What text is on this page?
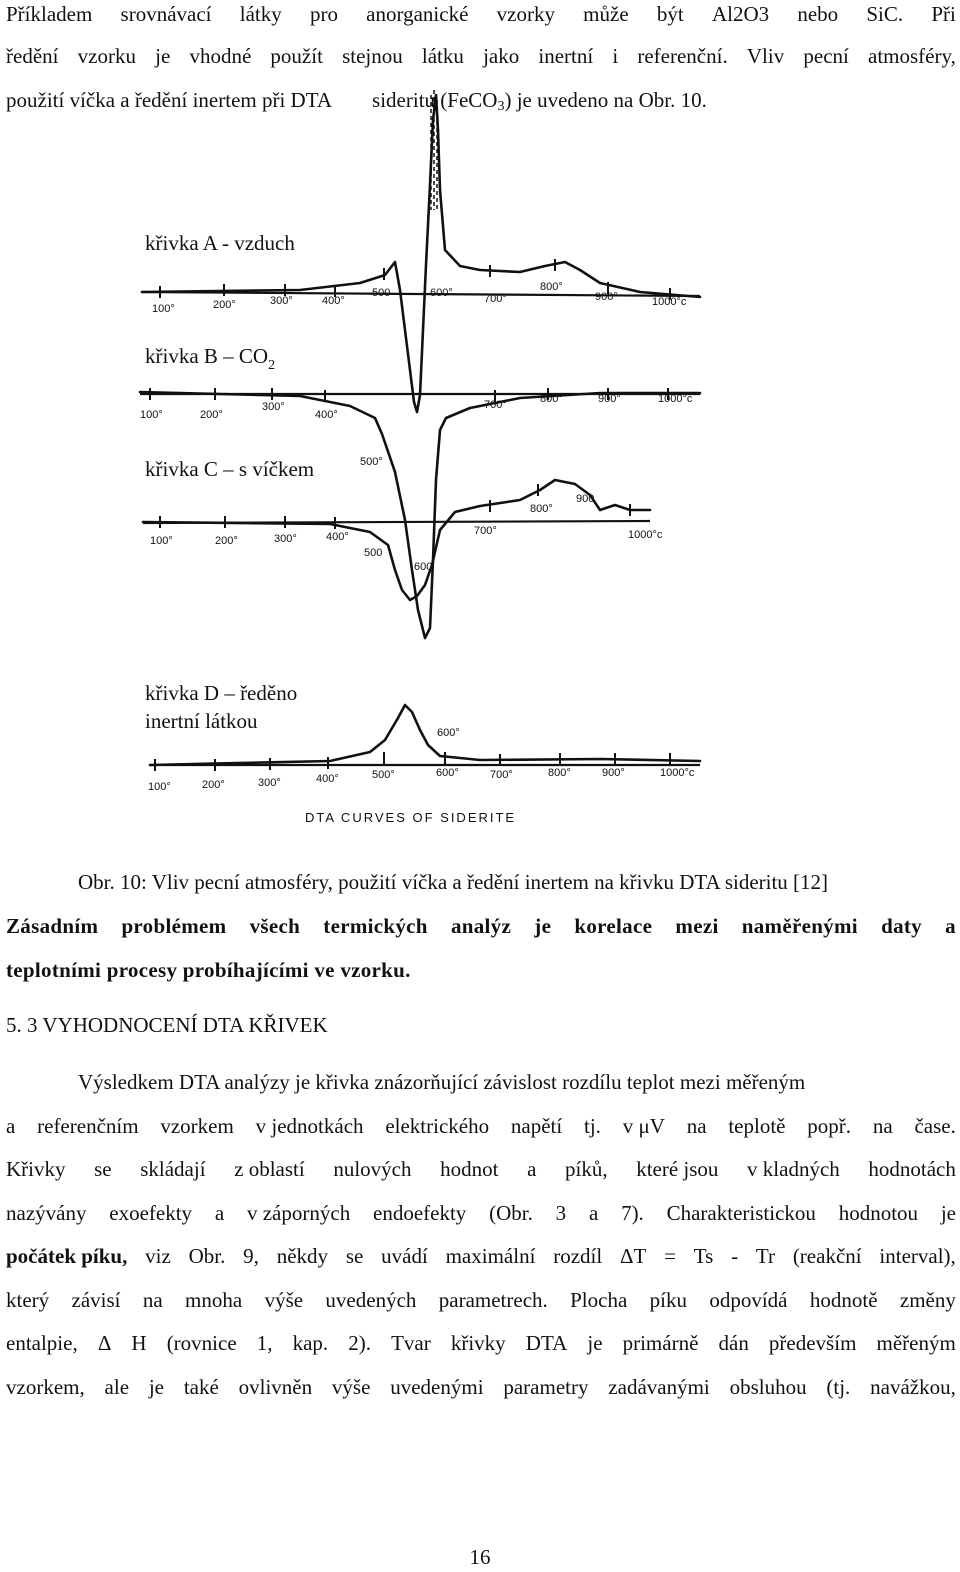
Příkladem srovnávací látky pro anorganické vzorky může být Al2O3 nebo SiC. Při
ředění vzorku je vhodné použít stejnou látku jako inertní i referenční. Vliv pecní atmosféry,
použití víčka a ředění inertem při DTA sideritu (FeCO$_3$) je uvedeno na Obr. 10.
křivka A - vzduch
křivka B – $CO_2$
křivka C – s víčkem
křivka D – ředěno
inertní látkou
100°	200°	300°	400°
500	600°	700°
800°
900°	1000°c
100°	200°
300°
400°
700°	800°	900°	1000°c
500°
100°	200°	300°	400°
500
600
700°
800°
900
1000°c
600°
100°	200°	300°	400°	500°	600°	700°	800°	900°	1000°c
DTA CURVES OF SIDERITE
Obr. 10: Vliv pecní atmosféry, použití víčka a ředění inertem na křivku DTA sideritu [12]
Zásadním problémem všech termických analýz je korelace mezi naměřenými daty a
teplotními procesy probíhajícími ve vzorku.
5. 3 VYHODNOCENÍ DTA KŘIVEK
Výsledkem DTA analýzy je křivka znázorňující závislost rozdílu teplot mezi měřeným
a referenčním vzorkem v jednotkách elektrického napětí tj. v μV na teplotě popř. na čase.
Křivky se skládají z oblastí nulových hodnot a píků, které jsou v kladných hodnotách
nazývány exoefekty a v záporných endoefekty (Obr. 3 a 7). Charakteristickou hodnotou je
počátek píku, viz Obr. 9, někdy se uvádí maximální rozdíl ΔT = Ts - Tr (reakční interval),
který závisí na mnoha výše uvedených parametrech. Plocha píku odpovídá hodnotě změny
entalpie, Δ H (rovnice 1, kap. 2). Tvar křivky DTA je primárně dán především měřeným
vzorkem, ale je také ovlivněn výše uvedenými parametry zadávanými obsluhou (tj. navážkou,
16
